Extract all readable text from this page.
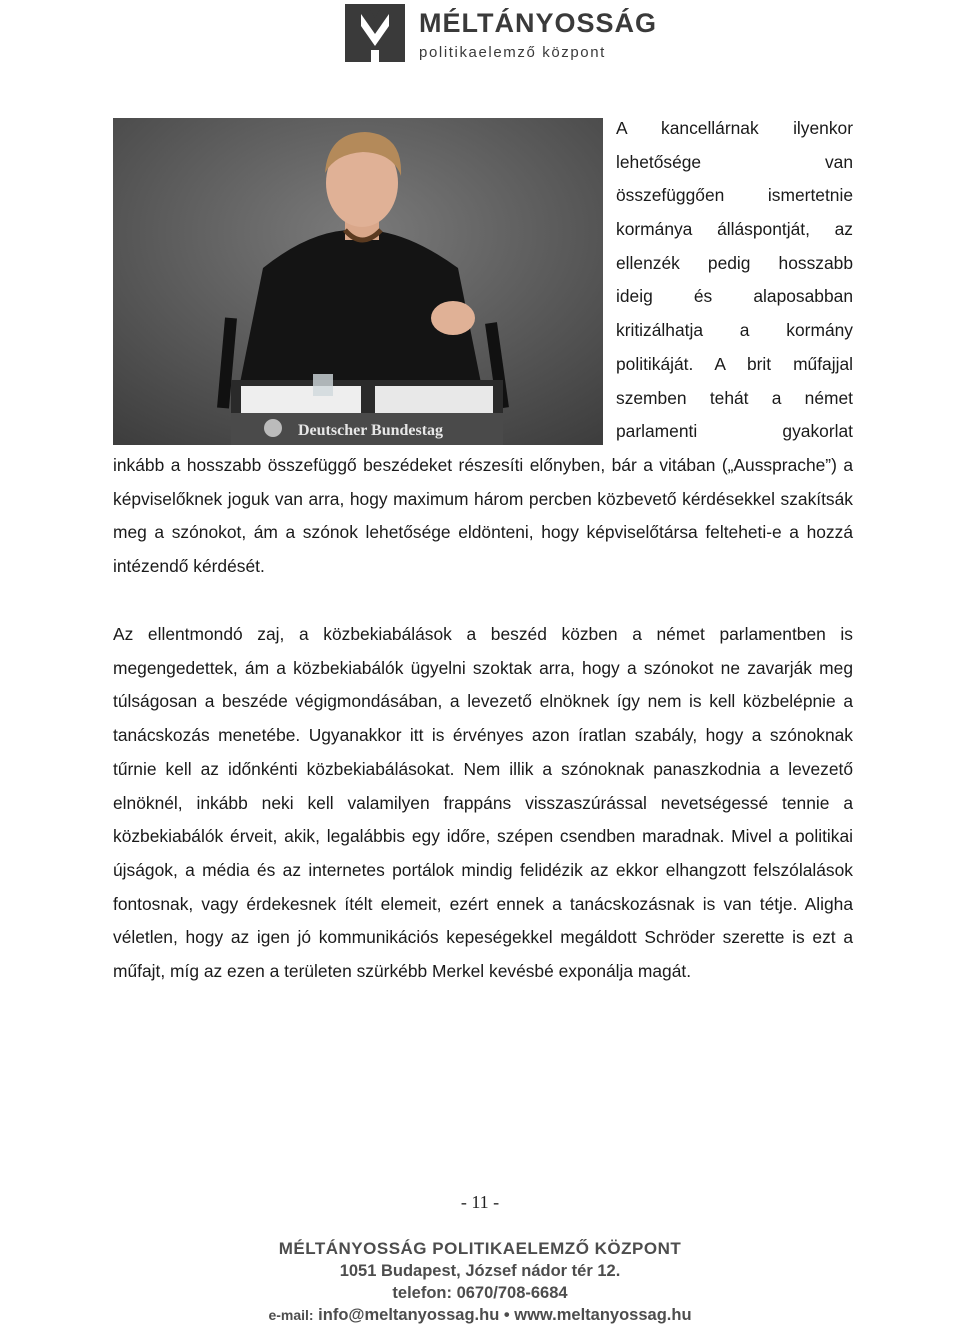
MÉLTÁNYOSSÁG
politikaelemző központ
Deutscher Bundestag
A kancellárnak ilyenkor
lehetősége van
összefüggően ismertetnie
kormánya álláspontját, az
ellenzék pedig hosszabb
ideig és alaposabban
kritizálhatja a kormány
politikáját. A brit műfajjal
szemben tehát a német
parlamenti gyakorlat
inkább a hosszabb összefüggő beszédeket részesíti előnyben, bár a vitában („Aussprache”) a képviselőknek joguk van arra, hogy maximum három percben közbevető kérdésekkel szakítsák meg a szónokot, ám a szónok lehetősége eldönteni, hogy képviselőtársa felteheti-e a hozzá intézendő kérdését.
Az ellentmondó zaj, a közbekiabálások a beszéd közben a német parlamentben is megengedettek, ám a közbekiabálók ügyelni szoktak arra, hogy a szónokot ne zavarják meg túlságosan a beszéde végigmondásában, a levezető elnöknek így nem is kell közbelépnie a tanácskozás menetébe. Ugyanakkor itt is érvényes azon íratlan szabály, hogy a szónoknak tűrnie kell az időnkénti közbekiabálásokat. Nem illik a szónoknak panaszkodnia a levezető elnöknél, inkább neki kell valamilyen frappáns visszaszúrással nevetségessé tennie a közbekiabálók érveit, akik, legalábbis egy időre, szépen csendben maradnak. Mivel a politikai újságok, a média és az internetes portálok mindig felidézik az ekkor elhangzott felszólalások fontosnak, vagy érdekesnek ítélt elemeit, ezért ennek a tanácskozásnak is van tétje. Aligha véletlen, hogy az igen jó kommunikációs kepeségekkel megáldott Schröder szerette is ezt a műfajt, míg az ezen a területen szürkébb Merkel kevésbé exponálja magát.
- 11 -
MÉLTÁNYOSSÁG POLITIKAELEMZŐ KÖZPONT
1051 Budapest, József nádor tér 12.
telefon: 0670/708-6684
e-mail: info@meltanyossag.hu • www.meltanyossag.hu
